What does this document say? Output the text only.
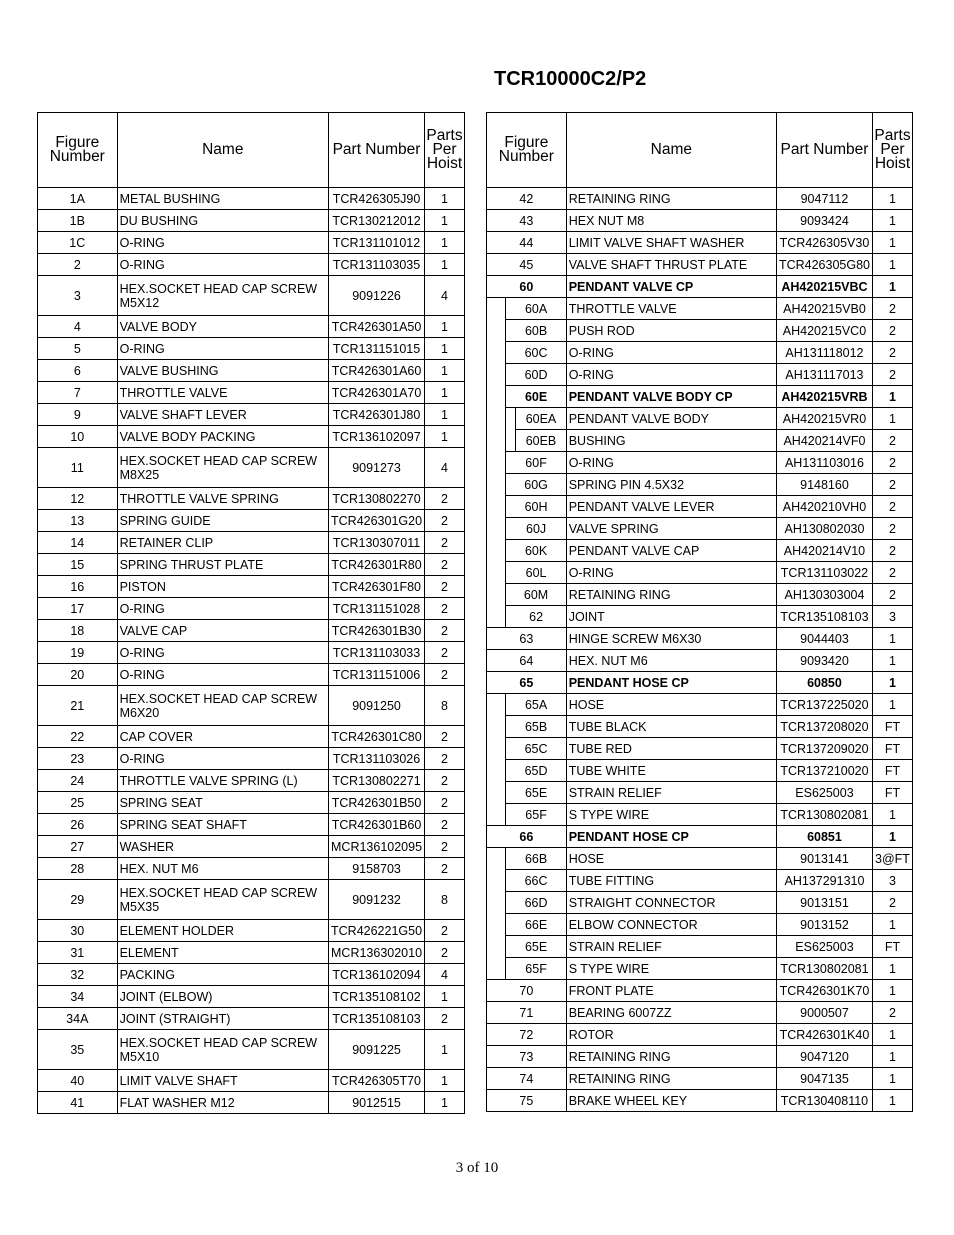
TCR10000C2/P2
Figure Number	Name	Part Number	Parts Per Hoist
1A	METAL BUSHING	TCR426305J90	1
1B	DU BUSHING	TCR130212012	1
1C	O-RING	TCR131101012	1
2	O-RING	TCR131103035	1
3	HEX.SOCKET HEAD CAP SCREW M5X12	9091226	4
4	VALVE BODY	TCR426301A50	1
5	O-RING	TCR131151015	1
6	VALVE BUSHING	TCR426301A60	1
7	THROTTLE VALVE	TCR426301A70	1
9	VALVE SHAFT LEVER	TCR426301J80	1
10	VALVE BODY PACKING	TCR136102097	1
11	HEX.SOCKET HEAD CAP SCREW M8X25	9091273	4
12	THROTTLE VALVE SPRING	TCR130802270	2
13	SPRING GUIDE	TCR426301G20	2
14	RETAINER CLIP	TCR130307011	2
15	SPRING THRUST PLATE	TCR426301R80	2
16	PISTON	TCR426301F80	2
17	O-RING	TCR131151028	2
18	VALVE CAP	TCR426301B30	2
19	O-RING	TCR131103033	2
20	O-RING	TCR131151006	2
21	HEX.SOCKET HEAD CAP SCREW M6X20	9091250	8
22	CAP COVER	TCR426301C80	2
23	O-RING	TCR131103026	2
24	THROTTLE VALVE SPRING (L)	TCR130802271	2
25	SPRING SEAT	TCR426301B50	2
26	SPRING SEAT SHAFT	TCR426301B60	2
27	WASHER	MCR136102095	2
28	HEX. NUT M6	9158703	2
29	HEX.SOCKET HEAD CAP SCREW M5X35	9091232	8
30	ELEMENT HOLDER	TCR426221G50	2
31	ELEMENT	MCR136302010	2
32	PACKING	TCR136102094	4
34	JOINT (ELBOW)	TCR135108102	1
34A	JOINT (STRAIGHT)	TCR135108103	2
35	HEX.SOCKET HEAD CAP SCREW M5X10	9091225	1
40	LIMIT VALVE SHAFT	TCR426305T70	1
41	FLAT WASHER M12	9012515	1
Figure Number			Name	Part Number	Parts Per Hoist
42			RETAINING RING	9047112	1
43			HEX NUT M8	9093424	1
44			LIMIT VALVE SHAFT WASHER	TCR426305V30	1
45			VALVE SHAFT THRUST PLATE	TCR426305G80	1
60			PENDANT VALVE CP	AH420215VBC	1
	60A		THROTTLE VALVE	AH420215VB0	2
	60B		PUSH ROD	AH420215VC0	2
	60C		O-RING	AH131118012	2
	60D		O-RING	AH131117013	2
	60E		PENDANT VALVE BODY CP	AH420215VRB	1
		60EA	PENDANT VALVE BODY	AH420215VR0	1
		60EB	BUSHING	AH420214VF0	2
	60F		O-RING	AH131103016	2
	60G		SPRING PIN 4.5X32	9148160	2
	60H		PENDANT VALVE LEVER	AH420210VH0	2
	60J		VALVE SPRING	AH130802030	2
	60K		PENDANT VALVE CAP	AH420214V10	2
	60L		O-RING	TCR131103022	2
	60M		RETAINING RING	AH130303004	2
	62		JOINT	TCR135108103	3
63			HINGE SCREW M6X30	9044403	1
64			HEX. NUT M6	9093420	1
65			PENDANT HOSE CP	60850	1
	65A		HOSE	TCR137225020	1
	65B		TUBE BLACK	TCR137208020	FT
	65C		TUBE RED	TCR137209020	FT
	65D		TUBE WHITE	TCR137210020	FT
	65E		STRAIN RELIEF	ES625003	FT
	65F		S TYPE WIRE	TCR130802081	1
66			PENDANT HOSE CP	60851	1
	66B		HOSE	9013141	3@FT
	66C		TUBE FITTING	AH137291310	3
	66D		STRAIGHT CONNECTOR	9013151	2
	66E		ELBOW CONNECTOR	9013152	1
	65E		STRAIN RELIEF	ES625003	FT
	65F		S TYPE WIRE	TCR130802081	1
70			FRONT PLATE	TCR426301K70	1
71			BEARING 6007ZZ	9000507	2
72			ROTOR	TCR426301K40	1
73			RETAINING RING	9047120	1
74			RETAINING RING	9047135	1
75			BRAKE WHEEL KEY	TCR130408110	1
3 of 10
